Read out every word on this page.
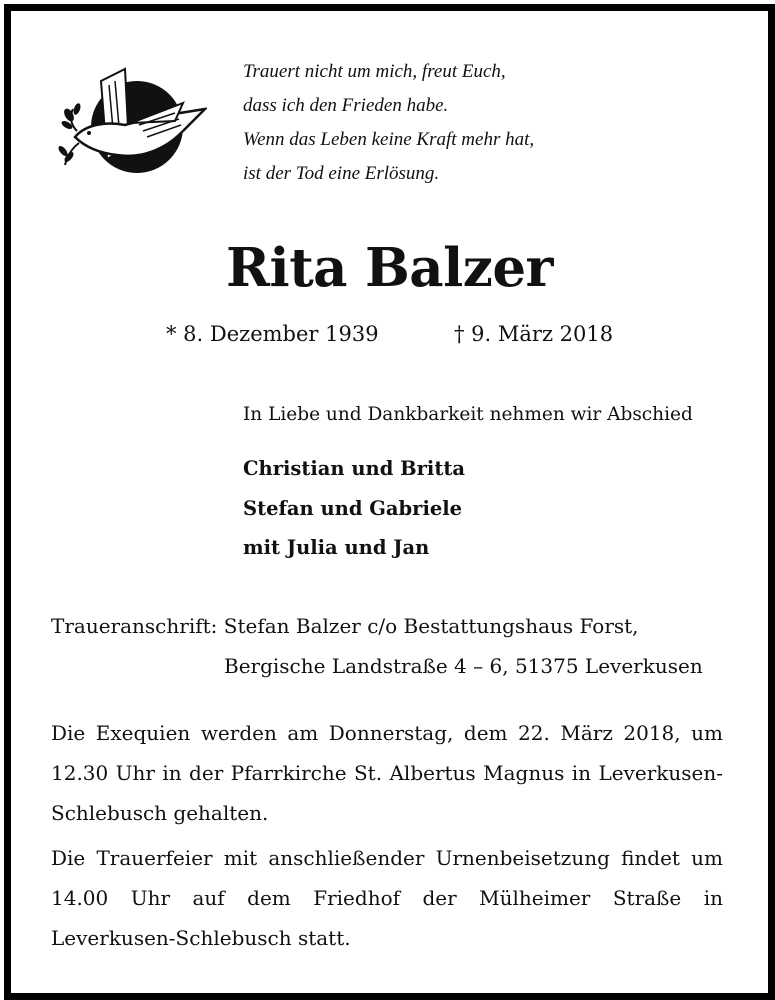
Trauert nicht um mich, freut Euch,
dass ich den Frieden habe.
Wenn das Leben keine Kraft mehr hat,
ist der Tod eine Erlösung.
Rita Balzer
* 8. Dezember 1939	† 9. März 2018
In Liebe und Dankbarkeit nehmen wir Abschied
Christian und Britta
Stefan und Gabriele
mit Julia und Jan
Traueranschrift: Stefan Balzer c/o Bestattungshaus Forst,
Bergische Landstraße 4 – 6, 51375 Leverkusen
Die Exequien werden am Donnerstag, dem 22. März 2018, um 12.30 Uhr in der Pfarrkirche St. Albertus Magnus in Leverkusen-Schlebusch gehalten.
Die Trauerfeier mit anschließender Urnenbeisetzung findet um 14.00 Uhr auf dem Friedhof der Mülheimer Straße in Leverkusen-Schlebusch statt.
